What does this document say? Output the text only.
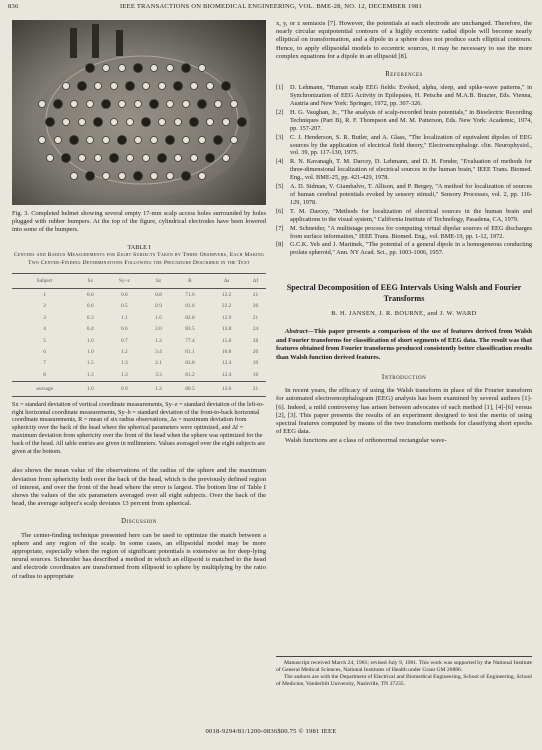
836	IEEE TRANSACTIONS ON BIOMEDICAL ENGINEERING, VOL. BME-28, NO. 12, DECEMBER 1981
Fig. 3. Completed helmet showing several empty 17-mm scalp access holes surrounded by holes plugged with rubber bumpers. At the top of the figure, cylindrical electrodes have been lowered into some of the bumpers.
TABLE I
Centers and Radius Measurements for Eight Subjects Taken by Three Observers, Each Making Two Center-Finding Determinations Following the Procedure Described in the Text
Subject	Sx	Sy–z	Sz	R	Δs	Δf
1	0.6	0.6	0.8	71.6	12.2	21
2	0.6	0.5	0.9	81.6	22.2	26
3	0.3	1.1	1.6	82.8	12.9	21
4	0.4	0.6	2.0	83.5	13.8	24
5	1.0	0.7	1.2	77.4	15.8	28
6	1.0	1.2	3.4	81.1	10.8	20
7	1.5	1.3	2.1	83.8	12.4	19
8	1.3	1.3	3.3	81.2	12.4	16
average	1.0	0.9	1.2	80.5	13.6	21
Sx = standard deviation of vertical coordinate measurements, Sy–z = standard deviation of the left-to-right horizontal coordinate measurements, Sy–b = standard deviation of the front-to-back horizontal coordinate measurements, R = mean of six radius observations, Δs = maximum deviation from sphericity over the back of the head where the spherical parameters were optimized, and Δf = maximum deviation from sphericity over the front of the head when the sphere was optimized for the back of the head. All table entries are given in millimeters. Values averaged over the eight subjects are given at the bottom.

also shows the mean value of the observations of the radius of the sphere and the maximum deviation from sphericity both over the back of the head, which is the previously defined region of interest, and over the front of the head where the error is largest. The bottom line of Table I shows the values of the six parameters averaged over all eight subjects. Over the back of the head, the average subject's scalp deviates 13 percent from spherical.

Discussion

The center-finding technique presented here can be used to optimize the match between a sphere and any region of the scalp. In some cases, an ellipsoidal model may be more appropriate, especially when the region of significant potentials is extensive as for deep-lying neural sources. Schneider has described a method in which an ellipsoid is matched to the head and electrode coordinates are transformed from ellipsoid to sphere by multiplying by the ratio of radius to appropriate

x, y, or z semiaxis [7]. However, the potentials at each electrode are unchanged. Therefore, the nearly circular equipotential contours of a highly eccentric radial dipole will become nearly elliptical on transformation, and a dipole in a sphere does not produce such elliptical contours. Hence, to apply ellipsoidal models to eccentric sources, it may be necessary to use the more complex equations for a dipole in an ellipsoid [8].

References
[1] D. Lehmann, "Human scalp EEG fields: Evoked, alpha, sleep, and spike-wave patterns," in Synchronization of EEG Activity in Epilepsies, H. Petsche and M.A.B. Brazier, Eds. Vienna, Austria and New York: Springer, 1972, pp. 307-326.
[2] H. G. Vaughan, Jr., "The analysis of scalp-recorded brain potentials," in Bioelectric Recording Techniques (Part B), R. F. Thompson and M. M. Patterson, Eds. New York: Academic, 1974, pp. 157-207.
[3] C. J. Henderson, S. R. Butler, and A. Glass, "The localization of equivalent dipoles of EEG sources by the application of electrical field theory," Electroencephalogr. clin. Neurophysiol., vol. 39, pp. 117-130, 1975.
[4] R. N. Kavanagh, T. M. Darcey, D. Lehmann, and D. H. Fender, "Evaluation of methods for three-dimensional localization of electrical sources in the human brain," IEEE Trans. Biomed. Eng., vol. BME-25, pp. 421-429, 1978.
[5] A. D. Sidman, V. Giambalvo, T. Allison, and P. Bergey, "A method for localization of sources of human cerebral potentials evoked by sensory stimuli," Sensory Processes, vol. 2, pp. 116-129, 1978.
[6] T. M. Darcey, "Methods for localization of electrical sources in the human brain and applications to the visual system," California Institute of Technology, Pasadena, CA, 1979.
[7] M. Schneider, "A multistage process for computing virtual dipolar sources of EEG discharges from surface information," IEEE Trans. Biomed. Eng., vol. BME-19, pp. 1-12, 1972.
[8] G.C.K. Yeh and J. Martinek, "The potential of a general dipole in a homogeneous conducting prolate spheroid," Ann. NY Acad. Sci., pp. 1003-1006, 1957.
Spectral Decomposition of EEG Intervals Using Walsh and Fourier Transforms
B. H. JANSEN, J. R. BOURNE, and J. W. WARD

Abstract—This paper presents a comparison of the use of features derived from Walsh and Fourier transforms for classification of short segments of EEG data. The result was that features obtained from Fourier transforms produced consistently better classification results than Walsh function derived features.

Introduction

In recent years, the efficacy of using the Walsh transform in place of the Fourier transform for automated electroencephalogram (EEG) analysis has been examined by several authors [1]-[6]. Indeed, a mild controversy has arisen between advocates of each method [1], [4]-[6] versus [2], [3]. This paper presents the results of an experiment designed to test the merits of using spectral features computed by means of the two transform methods for classifying short epochs of EEG data.

Walsh functions are a class of orthonormal rectangular wave-

Manuscript received March 24, 1981; revised July 9, 1981. This work was supported by the National Institute of General Medical Sciences, National Institutes of Health under Grant GM 26886.

The authors are with the Department of Electrical and Biomedical Engineering, School of Engineering, School of Medicine, Vanderbilt University, Nashville, TN 37235.

0018-9294/81/1200-0836$00.75 © 1981 IEEE
